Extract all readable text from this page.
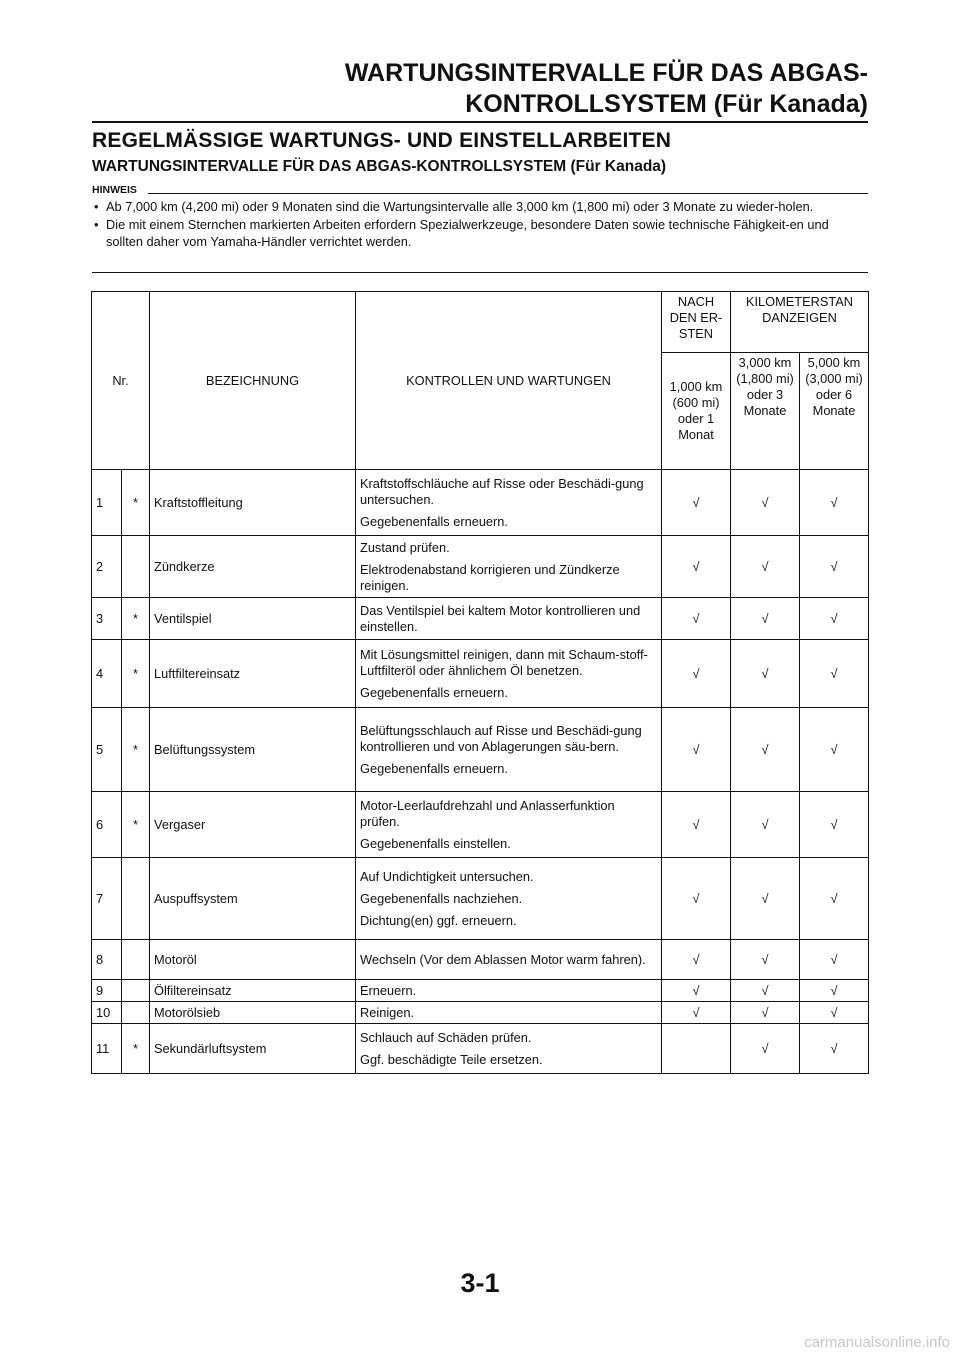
WARTUNGSINTERVALLE FÜR DAS ABGAS-
KONTROLLSYSTEM (Für Kanada)
REGELMÄSSIGE WARTUNGS- UND EINSTELLARBEITEN
WARTUNGSINTERVALLE FÜR DAS ABGAS-KONTROLLSYSTEM (Für Kanada)
HINWEIS
• Ab 7,000 km (4,200 mi) oder 9 Monaten sind die Wartungsintervalle alle 3,000 km (1,800 mi) oder 3 Monate zu wieder-holen.
• Die mit einem Sternchen markierten Arbeiten erfordern Spezialwerkzeuge, besondere Daten sowie technische Fähigkeit-en und sollten daher vom Yamaha-Händler verrichtet werden.
Nr.		BEZEICHNUNG	KONTROLLEN UND WARTUNGEN	NACH DEN ER-STEN	KILOMETERSTAN DANZEIGEN	
				1,000 km (600 mi) oder 1 Monat	3,000 km (1,800 mi) oder 3 Monate	5,000 km (3,000 mi) oder 6 Monate
1	*	Kraftstoffleitung	Kraftstoffschläuche auf Risse oder Beschädi-gung untersuchen.
Gegebenenfalls erneuern.	√	√	√
2		Zündkerze	Zustand prüfen.
Elektrodenabstand korrigieren und Zündkerze reinigen.	√	√	√
3	*	Ventilspiel	Das Ventilspiel bei kaltem Motor kontrollieren und einstellen.	√	√	√
4	*	Luftfiltereinsatz	Mit Lösungsmittel reinigen, dann mit Schaum-stoff-Luftfilteröl oder ähnlichem Öl benetzen.
Gegebenenfalls erneuern.	√	√	√
5	*	Belüftungssystem	Belüftungsschlauch auf Risse und Beschädi-gung kontrollieren und von Ablagerungen säu-bern.
Gegebenenfalls erneuern.	√	√	√
6	*	Vergaser	Motor-Leerlaufdrehzahl und Anlasserfunktion prüfen.
Gegebenenfalls einstellen.	√	√	√
7		Auspuffsystem	Auf Undichtigkeit untersuchen.
Gegebenenfalls nachziehen.
Dichtung(en) ggf. erneuern.	√	√	√
8		Motoröl	Wechseln (Vor dem Ablassen Motor warm fahren).	√	√	√
9		Ölfiltereinsatz	Erneuern.	√	√	√
10		Motorölsieb	Reinigen.	√	√	√
11	*	Sekundärluftsystem	Schlauch auf Schäden prüfen.
Ggf. beschädigte Teile ersetzen.		√	√
3-1
carmanualsonline.info
